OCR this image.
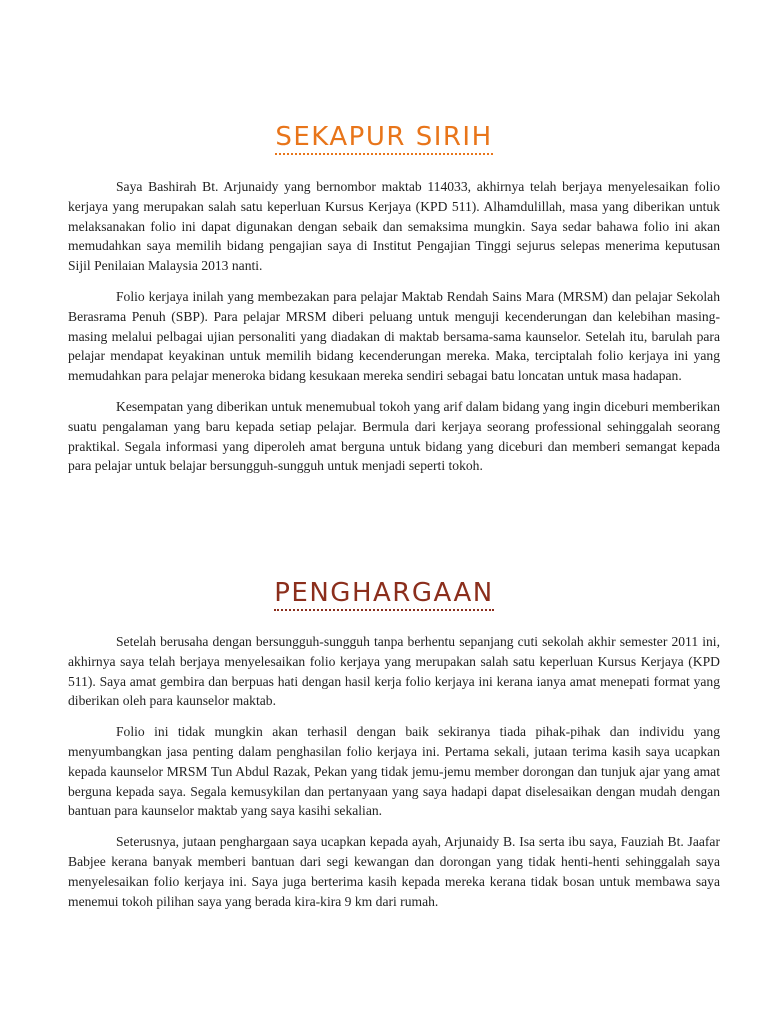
SEKAPUR SIRIH

Saya Bashirah Bt. Arjunaidy yang bernombor maktab 114033, akhirnya telah berjaya menyelesaikan folio kerjaya yang merupakan salah satu keperluan Kursus Kerjaya (KPD 511). Alhamdulillah, masa yang diberikan untuk melaksanakan folio ini dapat digunakan dengan sebaik dan semaksima mungkin. Saya sedar bahawa folio ini akan memudahkan saya memilih bidang pengajian saya di Institut Pengajian Tinggi sejurus selepas menerima keputusan Sijil Penilaian Malaysia 2013 nanti.

Folio kerjaya inilah yang membezakan para pelajar Maktab Rendah Sains Mara (MRSM) dan pelajar Sekolah Berasrama Penuh (SBP). Para pelajar MRSM diberi peluang untuk menguji kecenderungan dan kelebihan masing-masing melalui pelbagai ujian personaliti yang diadakan di maktab bersama-sama kaunselor. Setelah itu, barulah para pelajar mendapat keyakinan untuk memilih bidang kecenderungan mereka. Maka, terciptalah folio kerjaya ini yang memudahkan para pelajar meneroka bidang kesukaan mereka sendiri sebagai batu loncatan untuk masa hadapan.

Kesempatan yang diberikan untuk menemubual tokoh yang arif dalam bidang yang ingin diceburi memberikan suatu pengalaman yang baru kepada setiap pelajar. Bermula dari kerjaya seorang professional sehinggalah seorang praktikal. Segala informasi yang diperoleh amat berguna untuk bidang yang diceburi dan memberi semangat kepada para pelajar untuk belajar bersungguh-sungguh untuk menjadi seperti tokoh.

PENGHARGAAN

Setelah berusaha dengan bersungguh-sungguh tanpa berhentu sepanjang cuti sekolah akhir semester 2011 ini, akhirnya saya telah berjaya menyelesaikan folio kerjaya yang merupakan salah satu keperluan Kursus Kerjaya (KPD 511). Saya amat gembira dan berpuas hati dengan hasil kerja folio kerjaya ini kerana ianya amat menepati format yang diberikan oleh para kaunselor maktab.

Folio ini tidak mungkin akan terhasil dengan baik sekiranya tiada pihak-pihak dan individu yang menyumbangkan jasa penting dalam penghasilan folio kerjaya ini. Pertama sekali, jutaan terima kasih saya ucapkan kepada kaunselor MRSM Tun Abdul Razak, Pekan yang tidak jemu-jemu member dorongan dan tunjuk ajar yang amat berguna kepada saya. Segala kemusykilan dan pertanyaan yang saya hadapi dapat diselesaikan dengan mudah dengan bantuan para kaunselor maktab yang saya kasihi sekalian.

Seterusnya, jutaan penghargaan saya ucapkan kepada ayah, Arjunaidy B. Isa serta ibu saya, Fauziah Bt. Jaafar Babjee kerana banyak memberi bantuan dari segi kewangan dan dorongan yang tidak henti-henti sehinggalah saya menyelesaikan folio kerjaya ini. Saya juga berterima kasih kepada mereka kerana tidak bosan untuk membawa saya menemui tokoh pilihan saya yang berada kira-kira 9 km dari rumah.
